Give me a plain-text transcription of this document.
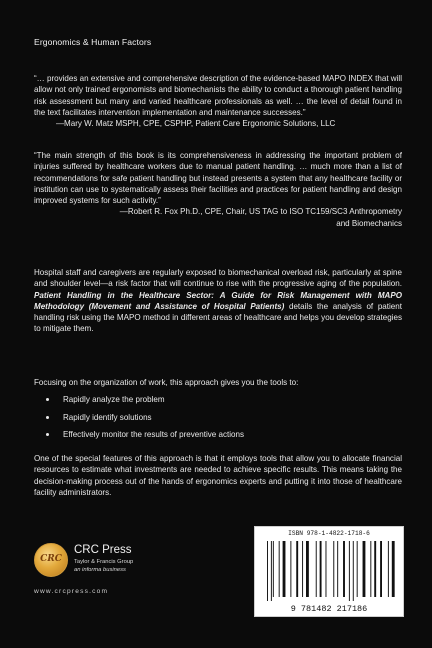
Ergonomics & Human Factors

“… provides an extensive and comprehensive description of the evidence-based MAPO INDEX that will allow not only trained ergonomists and biomechanists the ability to conduct a thorough patient handling risk assessment but many and varied healthcare professionals as well. … the level of detail found in the text facilitates intervention implementation and maintenance successes.”

—Mary W. Matz MSPH, CPE, CSPHP, Patient Care Ergonomic Solutions, LLC

“The main strength of this book is its comprehensiveness in addressing the important problem of injuries suffered by healthcare workers due to manual patient handling. … much more than a list of recommendations for safe patient handling but instead presents a system that any healthcare facility or institution can use to systematically assess their facilities and practices for patient handling and design improved systems for such activity.”

—Robert R. Fox Ph.D., CPE, Chair, US TAG to ISO TC159/SC3 Anthropometry

and Biomechanics

Hospital staff and caregivers are regularly exposed to biomechanical overload risk, particularly at spine and shoulder level—a risk factor that will continue to rise with the progressive aging of the population. Patient Handling in the Healthcare Sector: A Guide for Risk Management with MAPO Methodology (Movement and Assistance of Hospital Patients) details the analysis of patient handling risk using the MAPO method in different areas of healthcare and helps you develop strategies to mitigate them.

Focusing on the organization of work, this approach gives you the tools to:

Rapidly analyze the problem
Rapidly identify solutions
Effectively monitor the results of preventive actions

One of the special features of this approach is that it employs tools that allow you to allocate financial resources to estimate what investments are needed to achieve specific results. This means taking the decision-making process out of the hands of ergonomics experts and putting it into those of healthcare facility administrators.

CRC
CRC Press
Taylor & Francis Group
an informa business
www.crcpress.com
ISBN 978-1-4822-1718-6
9 781482 217186
